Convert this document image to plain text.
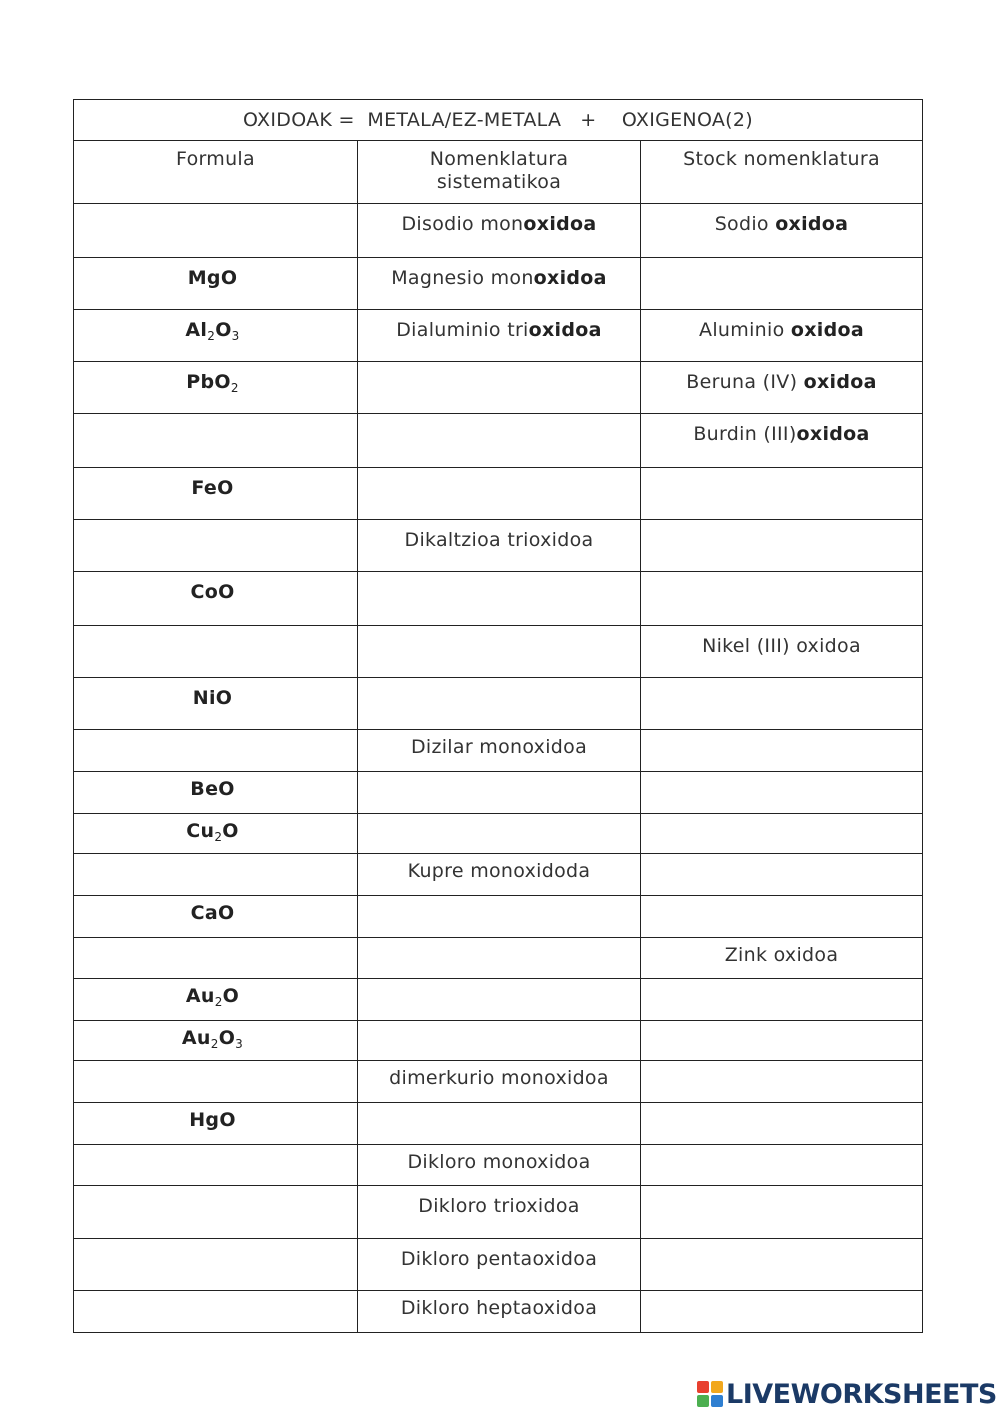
OXIDOAK =  METALA/EZ-METALA   +    OXIGENOA(2)		

Formula	Nomenklatura sistematikoa	Stock nomenklatura

	Disodio monoxidoa	Sodio oxidoa

MgO	Magnesio monoxidoa	

$Al_2O_3$	Dialuminio trioxidoa	Aluminio oxidoa

PbO$_2$		Beruna (IV) oxidoa

		Burdin (III)oxidoa

FeO		

	Dikaltzioa trioxidoa	

CoO		

		Nikel (III) oxidoa

NiO		

	Dizilar monoxidoa	

BeO		

$Cu_2O$		

	Kupre monoxidoda	

CaO		

		Zink oxidoa

$Au_2O$		

$Au_2O_3$

	dimerkurio monoxidoa	

HgO		

	Dikloro monoxidoa	

	Dikloro trioxidoa	

	Dikloro pentaoxidoa	

	Dikloro heptaoxidoa	

LIVEWORKSHEETS
